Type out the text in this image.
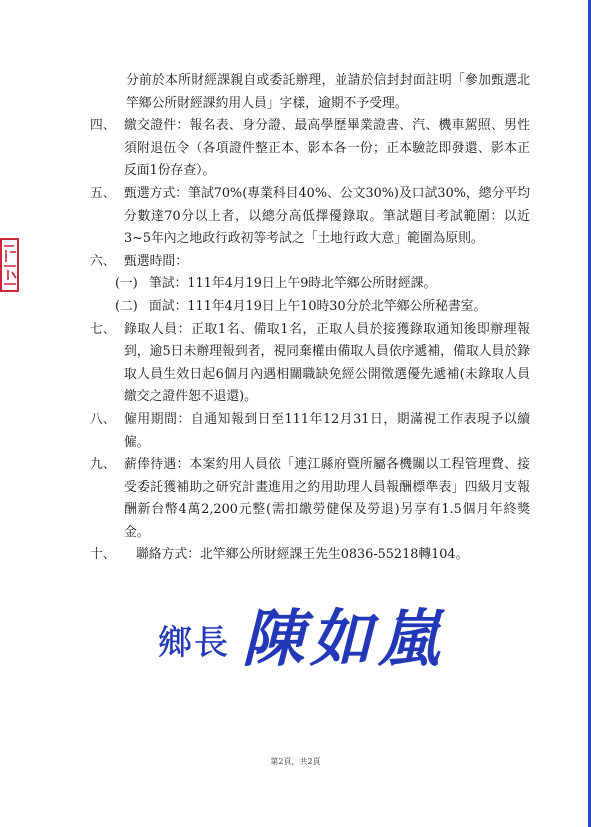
分前於本所財經課親自或委託辦理，並請於信封封面註明「參加甄選北竿鄉公所財經課約用人員」字樣，逾期不予受理。

四、 繳交證件：報名表、身分證、最高學歷畢業證書、汽、機車駕照、男性須附退伍令（各項證件整正本、影本各一份；正本驗訖即發還、影本正反面1份存查）。

五、 甄選方式：筆試70%(專業科目40%、公文30%)及口試30%，總分平均分數達70分以上者，以總分高低擇優錄取。筆試題目考試範圍：以近3~5年內之地政行政初等考試之「土地行政大意」範圍為原則。

六、 甄選時間：

(一) 筆試：111年4月19日上午9時北竿鄉公所財經課。

(二) 面試：111年4月19日上午10時30分於北竿鄉公所秘書室。

七、 錄取人員：正取1名、備取1名，正取人員於接獲錄取通知後即辦理報到，逾5日未辦理報到者，視同棄權由備取人員依序遞補，備取人員於錄取人員生效日起6個月內遇相關職缺免經公開徵選優先遞補(未錄取人員繳交之證件恕不退還)。

八、 僱用期間：自通知報到日至111年12月31日，期滿視工作表現予以續僱。

九、 薪俸待遇：本案約用人員依「連江縣府暨所屬各機關以工程管理費、接受委託獲補助之研究計畫進用之約用助理人員報酬標準表」四級月支報酬新台幣4萬2,200元整(需扣繳勞健保及勞退)另享有1.5個月年終獎金。

十、	聯絡方式：北竿鄉公所財經課王先生0836-55218轉104。

鄉長 陳如嵐
第2頁，共2頁
